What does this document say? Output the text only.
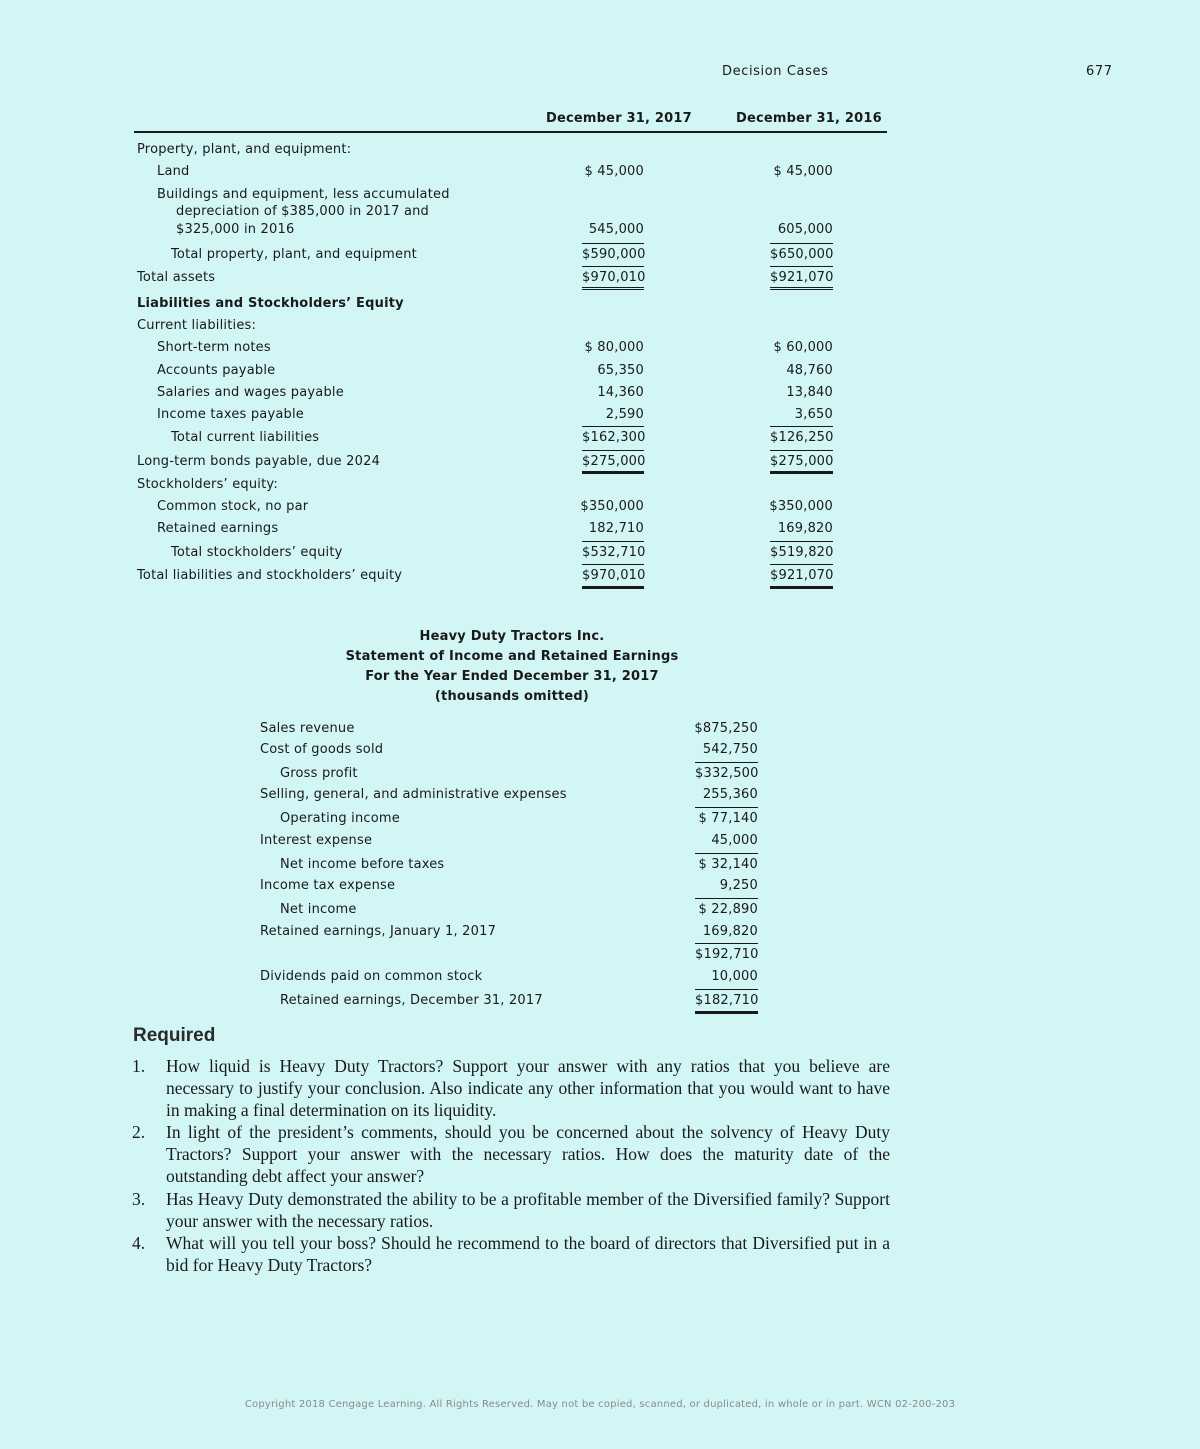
Decision Cases	677
December 31, 2017	December 31, 2016
Property, plant, and equipment:
Land	$ 45,000	$ 45,000
Buildings and equipment, less accumulated
depreciation of $385,000 in 2017 and
$325,000 in 2016	545,000	605,000
Total property, plant, and equipment	$590,000	$650,000
Total assets	$970,010	$921,070
Liabilities and Stockholders’ Equity
Current liabilities:
Short-term notes	$ 80,000	$ 60,000
Accounts payable	65,350	48,760
Salaries and wages payable	14,360	13,840
Income taxes payable	2,590	3,650
Total current liabilities	$162,300	$126,250
Long-term bonds payable, due 2024	$275,000	$275,000
Stockholders’ equity:
Common stock, no par	$350,000	$350,000
Retained earnings	182,710	169,820
Total stockholders’ equity	$532,710	$519,820
Total liabilities and stockholders’ equity	$970,010	$921,070
Heavy Duty Tractors Inc.
Statement of Income and Retained Earnings
For the Year Ended December 31, 2017
(thousands omitted)
Sales revenue	$875,250
Cost of goods sold	542,750
Gross profit	$332,500
Selling, general, and administrative expenses	255,360
Operating income	$ 77,140
Interest expense	45,000
Net income before taxes	$ 32,140
Income tax expense	9,250
Net income	$ 22,890
Retained earnings, January 1, 2017	169,820
$192,710
Dividends paid on common stock	10,000
Retained earnings, December 31, 2017	$182,710
Required
1. How liquid is Heavy Duty Tractors? Support your answer with any ratios that you believe are necessary to justify your conclusion. Also indicate any other information that you would want to have in making a final determination on its liquidity.
2. In light of the president’s comments, should you be concerned about the solvency of Heavy Duty Tractors? Support your answer with the necessary ratios. How does the maturity date of the outstanding debt affect your answer?
3. Has Heavy Duty demonstrated the ability to be a profitable member of the Diversified family? Support your answer with the necessary ratios.
4. What will you tell your boss? Should he recommend to the board of directors that Diversified put in a bid for Heavy Duty Tractors?
Copyright 2018 Cengage Learning. All Rights Reserved. May not be copied, scanned, or duplicated, in whole or in part. WCN 02-200-203
